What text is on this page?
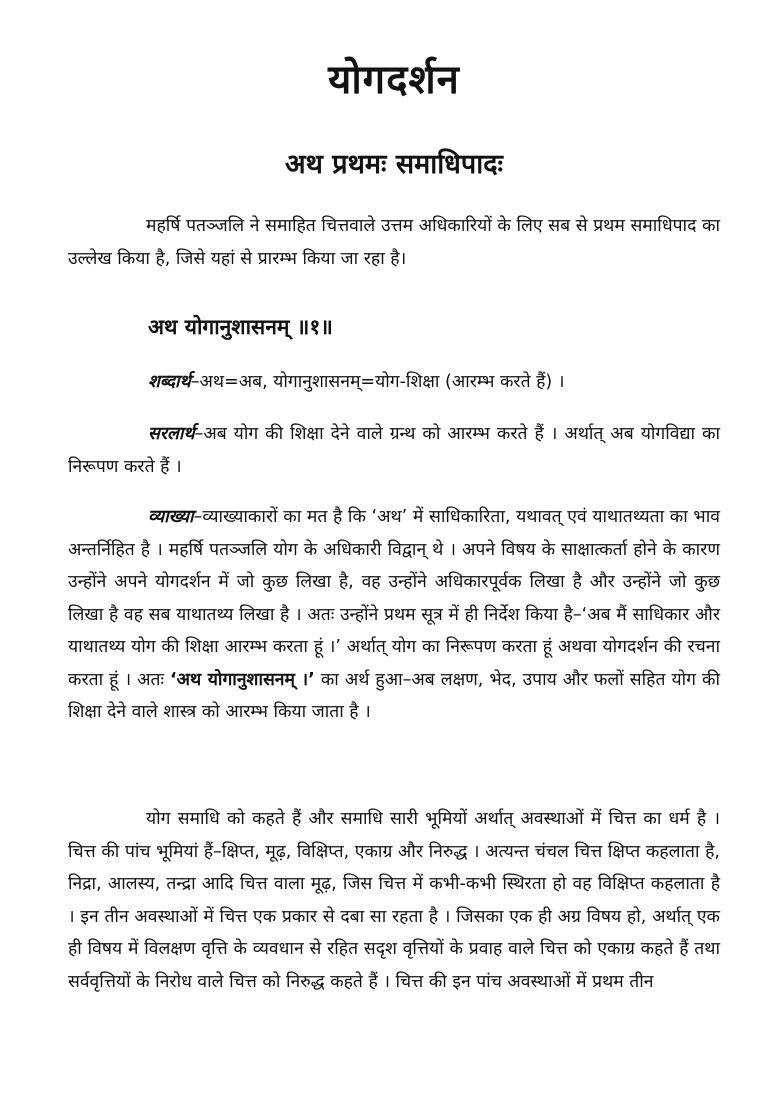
योगदर्शन
अथ प्रथमः समाधिपादः

महर्षि पतञ्जलि ने समाहित चित्तवाले उत्तम अधिकारियों के लिए सब से प्रथम समाधिपाद का उल्लेख किया है, जिसे यहां से प्रारम्भ किया जा रहा है।

अथ योगानुशासनम् ॥१॥

शब्दार्थ–अथ=अब, योगानुशासनम्=योग-शिक्षा (आरम्भ करते हैं) ।

सरलार्थ–अब योग की शिक्षा देने वाले ग्रन्थ को आरम्भ करते हैं । अर्थात् अब योगविद्या का निरूपण करते हैं ।

व्याख्या–व्याख्याकारों का मत है कि ‘अथ’ में साधिकारिता, यथावत् एवं याथातथ्यता का भाव अन्तर्निहित है । महर्षि पतञ्जलि योग के अधिकारी विद्वान् थे । अपने विषय के साक्षात्कर्ता होने के कारण उन्होंने अपने योगदर्शन में जो कुछ लिखा है, वह उन्होंने अधिकारपूर्वक लिखा है और उन्होंने जो कुछ लिखा है वह सब याथातथ्य लिखा है । अतः उन्होंने प्रथम सूत्र में ही निर्देश किया है–‘अब मैं साधिकार और याथातथ्य योग की शिक्षा आरम्भ करता हूं ।’ अर्थात् योग का निरूपण करता हूं अथवा योगदर्शन की रचना करता हूं । अतः ‘अथ योगानुशासनम् ।’ का अर्थ हुआ–अब लक्षण, भेद, उपाय और फलों सहित योग की शिक्षा देने वाले शास्त्र को आरम्भ किया जाता है ।

योग समाधि को कहते हैं और समाधि सारी भूमियों अर्थात् अवस्थाओं में चित्त का धर्म है । चित्त की पांच भूमियां हैं–क्षिप्त, मूढ़, विक्षिप्त, एकाग्र और निरुद्ध । अत्यन्त चंचल चित्त क्षिप्त कहलाता है, निद्रा, आलस्य, तन्द्रा आदि चित्त वाला मूढ़, जिस चित्त में कभी-कभी स्थिरता हो वह विक्षिप्त कहलाता है । इन तीन अवस्थाओं में चित्त एक प्रकार से दबा सा रहता है । जिसका एक ही अग्र विषय हो, अर्थात् एक ही विषय में विलक्षण वृत्ति के व्यवधान से रहित सदृश वृत्तियों के प्रवाह वाले चित्त को एकाग्र कहते हैं तथा सर्ववृत्तियों के निरोध वाले चित्त को निरुद्ध कहते हैं । चित्त की इन पांच अवस्थाओं में प्रथम तीन
